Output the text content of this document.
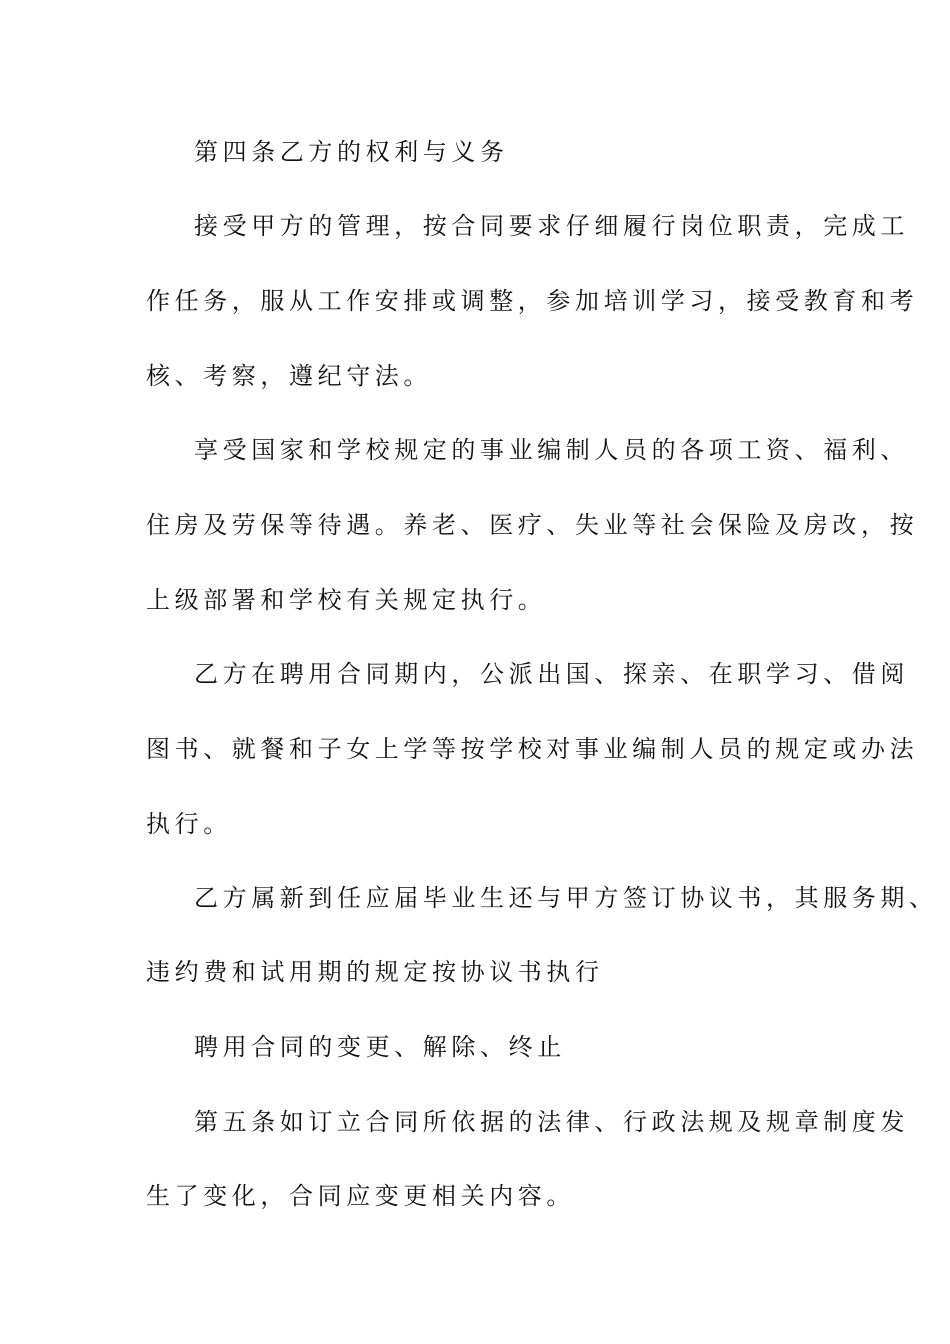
第四条乙方的权利与义务
接受甲方的管理，按合同要求仔细履行岗位职责，完成工
作任务，服从工作安排或调整，参加培训学习，接受教育和考
核、考察，遵纪守法。
享受国家和学校规定的事业编制人员的各项工资、福利、
住房及劳保等待遇。养老、医疗、失业等社会保险及房改，按
上级部署和学校有关规定执行。
乙方在聘用合同期内，公派出国、探亲、在职学习、借阅
图书、就餐和子女上学等按学校对事业编制人员的规定或办法
执行。
乙方属新到任应届毕业生还与甲方签订协议书，其服务期、
违约费和试用期的规定按协议书执行
聘用合同的变更、解除、终止
第五条如订立合同所依据的法律、行政法规及规章制度发
生了变化，合同应变更相关内容。
